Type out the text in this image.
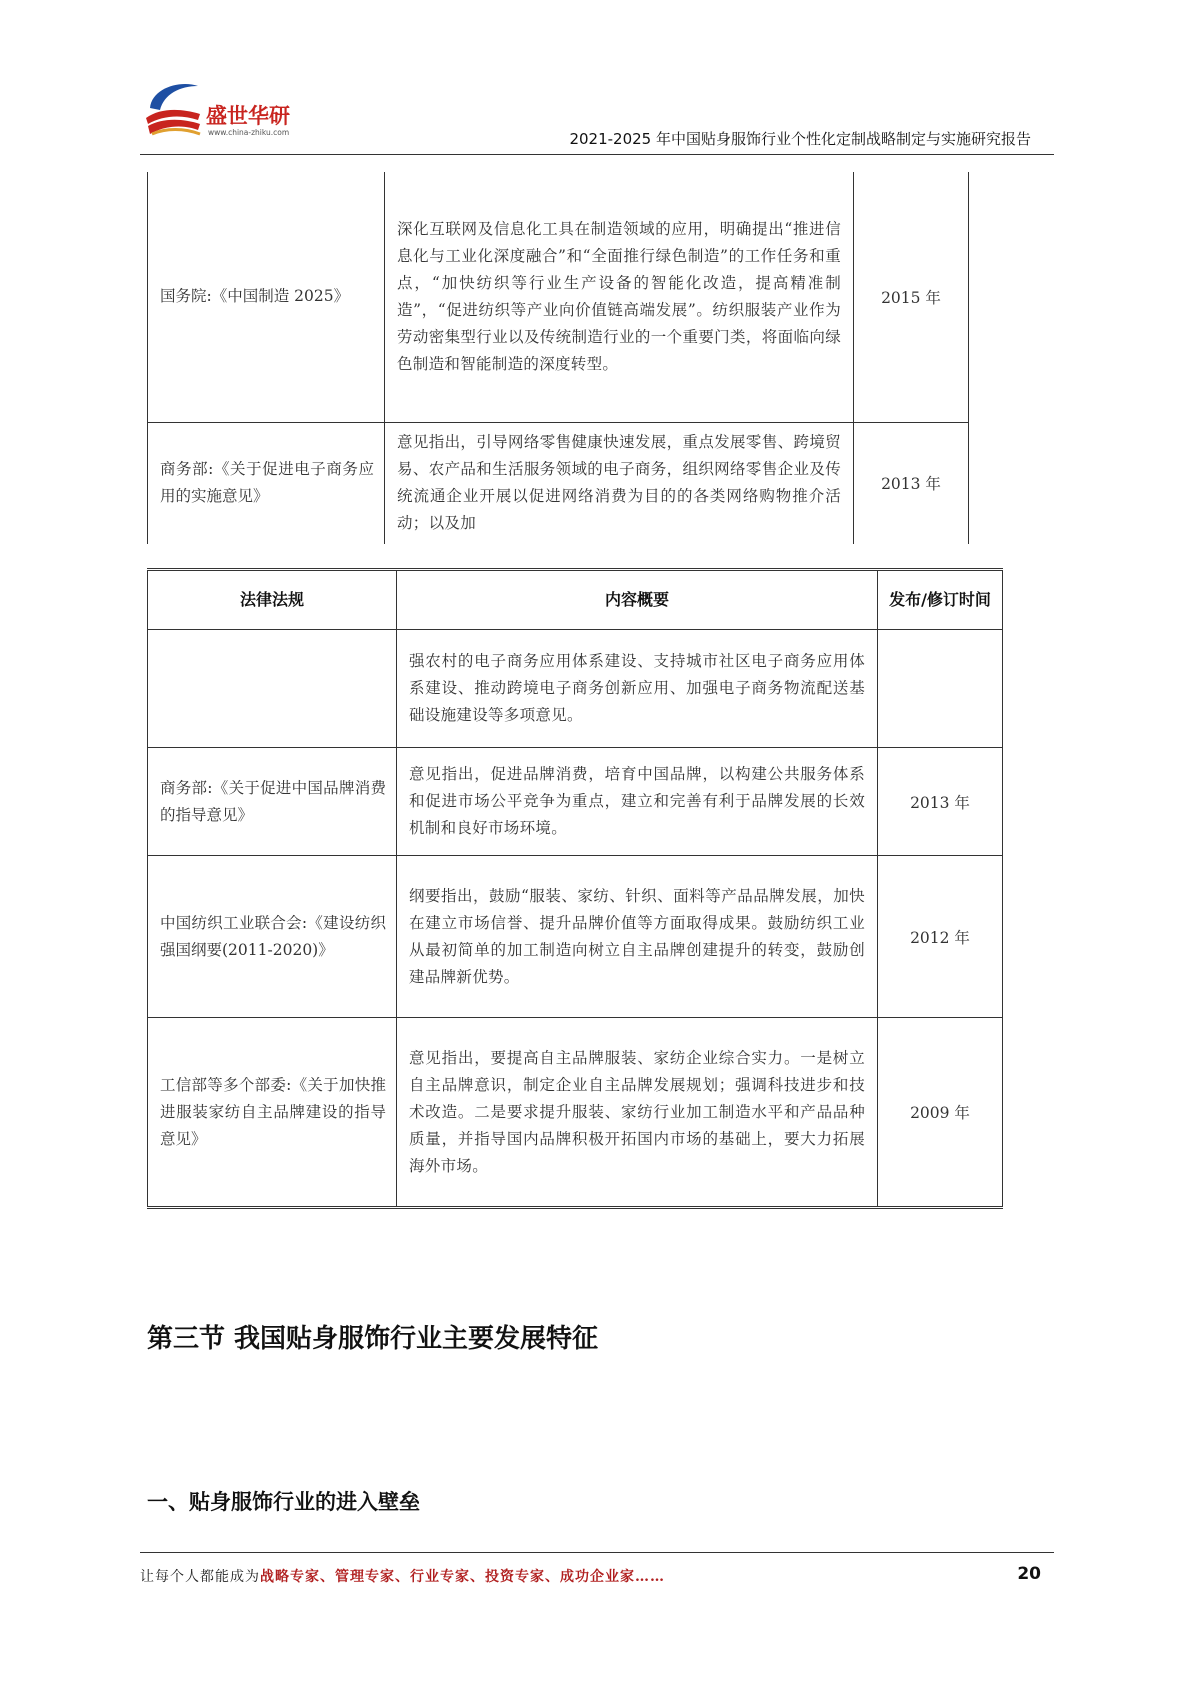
盛世华研
www.china-zhiku.com	2021-2025 年中国贴身服饰行业个性化定制战略制定与实施研究报告
国务院:《中国制造 2025》	深化互联网及信息化工具在制造领域的应用，明确提出“推进信息化与工业化深度融合”和“全面推行绿色制造”的工作任务和重点，“加快纺织等行业生产设备的智能化改造，提高精准制造”，“促进纺织等产业向价值链高端发展”。纺织服装产业作为劳动密集型行业以及传统制造行业的一个重要门类，将面临向绿色制造和智能制造的深度转型。	2015 年
商务部:《关于促进电子商务应用的实施意见》	意见指出，引导网络零售健康快速发展，重点发展零售、跨境贸易、农产品和生活服务领域的电子商务，组织网络零售企业及传统流通企业开展以促进网络消费为目的的各类网络购物推介活动；以及加	2013 年
法律法规	内容概要	发布/修订时间
	强农村的电子商务应用体系建设、支持城市社区电子商务应用体系建设、推动跨境电子商务创新应用、加强电子商务物流配送基础设施建设等多项意见。	
商务部:《关于促进中国品牌消费的指导意见》	意见指出，促进品牌消费，培育中国品牌，以构建公共服务体系和促进市场公平竞争为重点，建立和完善有利于品牌发展的长效机制和良好市场环境。	2013 年
中国纺织工业联合会:《建设纺织强国纲要(2011-2020)》	纲要指出，鼓励“服装、家纺、针织、面料等产品品牌发展，加快在建立市场信誉、提升品牌价值等方面取得成果。鼓励纺织工业从最初简单的加工制造向树立自主品牌创建提升的转变，鼓励创建品牌新优势。	2012 年
工信部等多个部委:《关于加快推进服装家纺自主品牌建设的指导意见》	意见指出，要提高自主品牌服装、家纺企业综合实力。一是树立自主品牌意识，制定企业自主品牌发展规划；强调科技进步和技术改造。二是要求提升服装、家纺行业加工制造水平和产品品种质量，并指导国内品牌积极开拓国内市场的基础上，要大力拓展海外市场。	2009 年
第三节 我国贴身服饰行业主要发展特征
一、贴身服饰行业的进入壁垒
让每个人都能成为战略专家、管理专家、行业专家、投资专家、成功企业家……	20
